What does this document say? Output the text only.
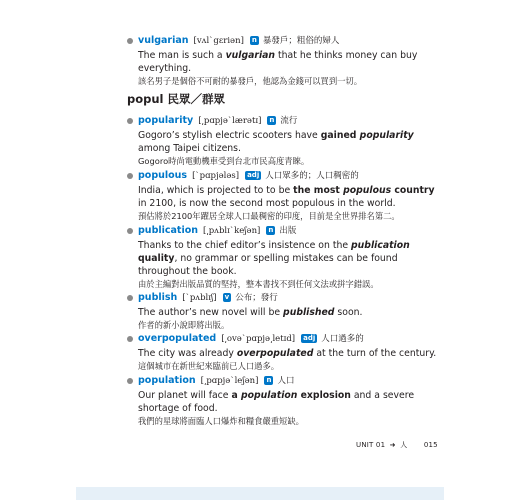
vulgarian [vʌlˋgɛriən] n 暴發戶；粗俗的婦人
The man is such a vulgarian that he thinks money can buy everything.
該名男子是個俗不可耐的暴發戶，他認為金錢可以買到一切。
popul 民眾／群眾
popularity [͵pɑpjəˋlærətɪ] n 流行
Gogoro’s stylish electric scooters have gained popularity among Taipei citizens.
Gogoro時尚電動機車受到台北市民高度青睞。
populous [ˋpɑpjələs] adj 人口眾多的；人口稠密的
India, which is projected to to be the most populous country in 2100, is now the second most populous in the world.
預估將於2100年躍居全球人口最稠密的印度，目前是全世界排名第二。
publication [͵pʌblɪˋkeʃən] n 出版
Thanks to the chief editor’s insistence on the publication quality, no grammar or spelling mistakes can be found throughout the book.
由於主編對出版品質的堅持，整本書找不到任何文法或拼字錯誤。
publish [ˋpʌblɪʃ] v 公布；發行
The author’s new novel will be published soon.
作者的新小說即將出版。
overpopulated [͵ovəˋpɑpjə͵letɪd] adj 人口過多的
The city was already overpopulated at the turn of the century.
這個城市在新世紀來臨前已人口過多。
population [͵pɑpjəˋleʃən] n 人口
Our planet will face a population explosion and a severe shortage of food.
我們的星球將面臨人口爆炸和糧食嚴重短缺。
UNIT 01 ➜ 人 015
